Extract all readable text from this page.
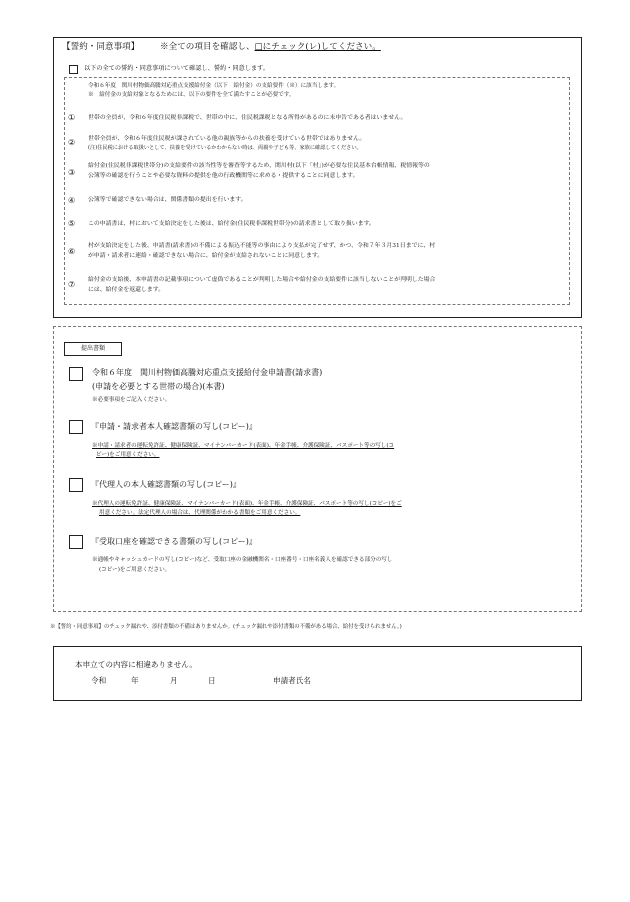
【誓約・同意事項】 ※全ての項目を確認し、□にチェック(レ)してください。
以下の全ての誓約・同意事項について確認し、誓約・同意します。
令和６年度　関川村物価高騰対応重点支援給付金（以下　給付金）の支給要件（※）に該当します。
※　給付金の支給対象となるためには、以下の要件を全て満たすことが必要です。
① 世帯の全員が、令和６年度住民税非課税で、世帯の中に、住民税課税となる所得があるのに未申告である者はいません。
② 世帯全員が、令和６年度住民税が課されている他の親族等からの扶養を受けている世帯ではありません。
(注)住民税における取扱いとして、扶養を受けているかわからない時は、両親や子ども等、家族に確認してください。
③
給付金(住民税非課税世帯分)の支給要件の該当性等を審査等するため、関川村(以下「村」)が必要な住民基本台帳情報、税情報等の
公簿等の確認を行うことや必要な資料の提供を他の行政機関等に求める・提供することに同意します。
④ 公簿等で確認できない場合は、関係書類の提出を行います。
⑤ この申請書は、村において支給決定をした後は、給付金(住民税非課税世帯分)の請求書として取り扱います。
⑥
村が支給決定をした後、申請書(請求書)の不備による振込不能等の事由により支払が完了せず、かつ、令和７年３月31日までに、村
が申請・請求者に連絡・確認できない場合に、給付金が支給されないことに同意します。
⑦ 給付金の支給後、本申請書の記載事項について虚偽であることが判明した場合や給付金の支給要件に該当しないことが判明した場合
には、給付金を返還します。
提出書類
令和６年度　関川村物価高騰対応重点支援給付金申請書(請求書)
(申請を必要とする世帯の場合)(本書)
※必要事項をご記入ください。
『申請・請求者本人確認書類の写し(コピー)』
※申請・請求者の運転免許証、健康保険証、マイナンバーカード(表面)、年金手帳、介護保険証、パスポート等の写し(コ
ピー)をご用意ください。
『代理人の本人確認書類の写し(コピー)』
※代理人の運転免許証、健康保険証、マイナンバーカード(表面)、年金手帳、介護保険証、パスポート等の写し(コピー)をご
用意ください。法定代理人の場合は、代理関係がわかる書類をご用意ください。
『受取口座を確認できる書類の写し(コピー)』
※通帳やキャッシュカードの写し(コピー)など、受取口座の金融機関名・口座番号・口座名義人を確認できる部分の写し
(コピー)をご用意ください。
※【誓約・同意事項】のチェック漏れや、添付書類の不備はありませんか。(チェック漏れや添付書類の不備がある場合、給付を受けられません。)
本申立ての内容に相違ありません。
令和	年	月	日	申請者氏名
